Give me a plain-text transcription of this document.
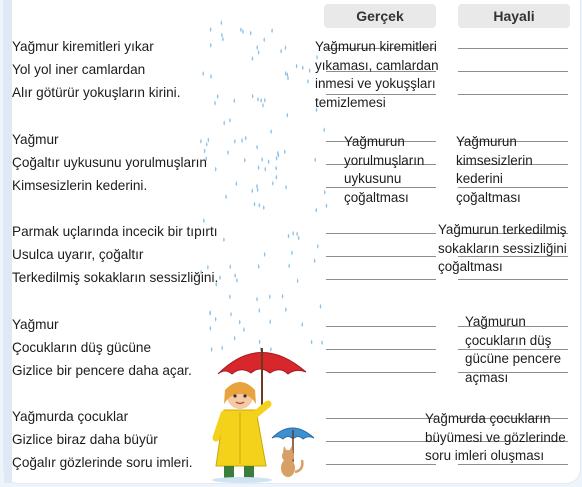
Gerçek	Hayali
Yağmur kiremitleri yıkar
Yol yol iner camlardan
Alır götürür yokuşların kirini.
Yağmur
Çoğaltır uykusunu yorulmuşların
Kimsesizlerin kederini.
Parmak uçlarında incecik bir tıpırtı
Usulca uyarır, çoğaltır
Terkedilmiş sokakların sessizliğini.
Yağmur
Çocukların düş gücüne
Gizlice bir pencere daha açar.
Yağmurda çocuklar
Gizlice biraz daha büyür
Çoğalır gözlerinde soru imleri.
Yağmurun kiremitleri
yıkaması, camlardan
inmesi ve yokuşşları
temizlemesi
Yağmurun
yorulmuşların
uykusunu
çoğaltması
Yağmurun
kimsesizlerin
kederini
çoğaltması
Yağmurun terkedilmiş
sokakların sessizliğini
çoğaltması
Yağmurun
çocukların düş
gücüne pencere
açması
Yağmurda çocukların
büyümesi ve gözlerinde
soru imleri oluşması
